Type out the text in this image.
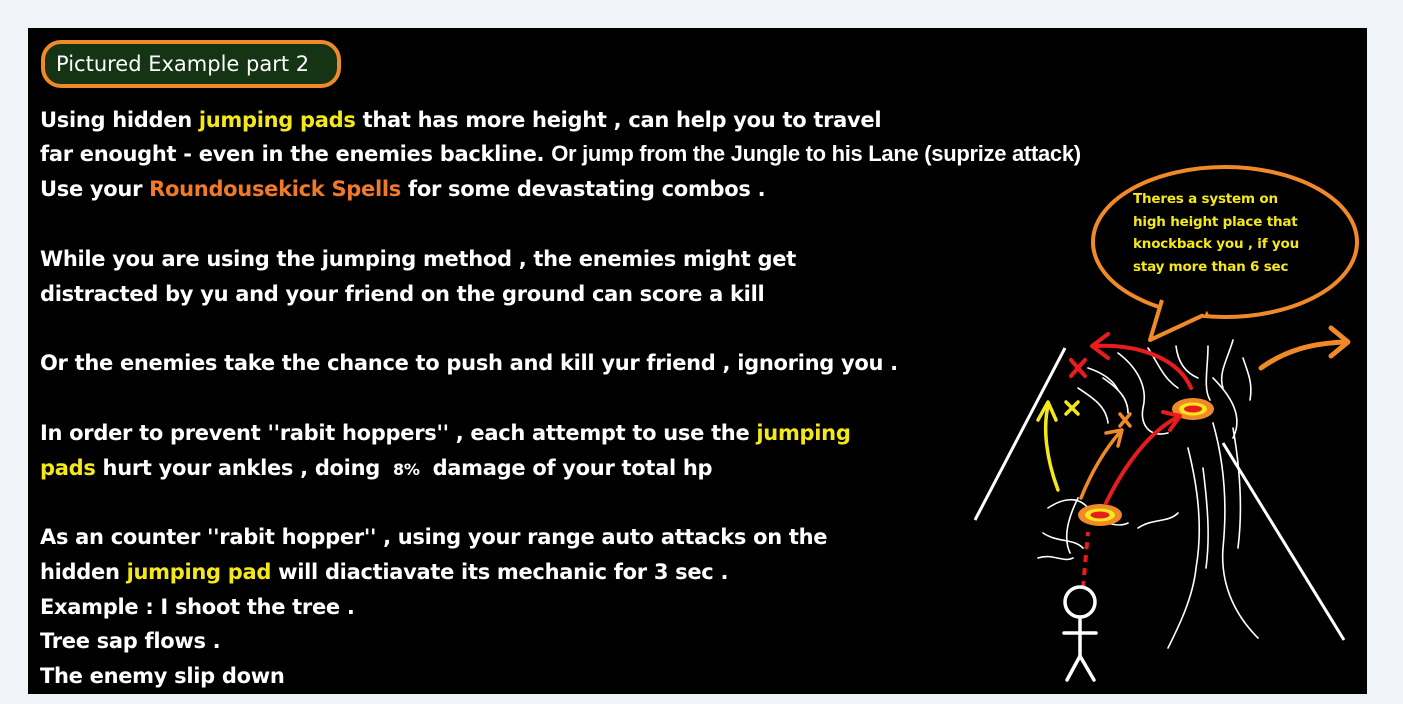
Pictured Example part 2
Using hidden jumping pads that has more height , can help you to travel
far enought - even in the enemies backline. Or jump from the Jungle to his Lane (suprize attack)
Use your Roundousekick Spells for some devastating combos .
While you are using the jumping method , the enemies might get
distracted by yu and your friend on the ground can score a kill
Or the enemies take the chance to push and kill yur friend , ignoring you .
In order to prevent ''rabit hoppers'' , each attempt to use the jumping
pads hurt your ankles , doing 8% damage of your total hp
As an counter ''rabit hopper'' , using your range auto attacks on the
hidden jumping pad will diactiavate its mechanic for 3 sec .
Example : I shoot the tree .
Tree sap flows .
The enemy slip down
Theres a system on
high height place that
knockback you , if you
stay more than 6 sec
